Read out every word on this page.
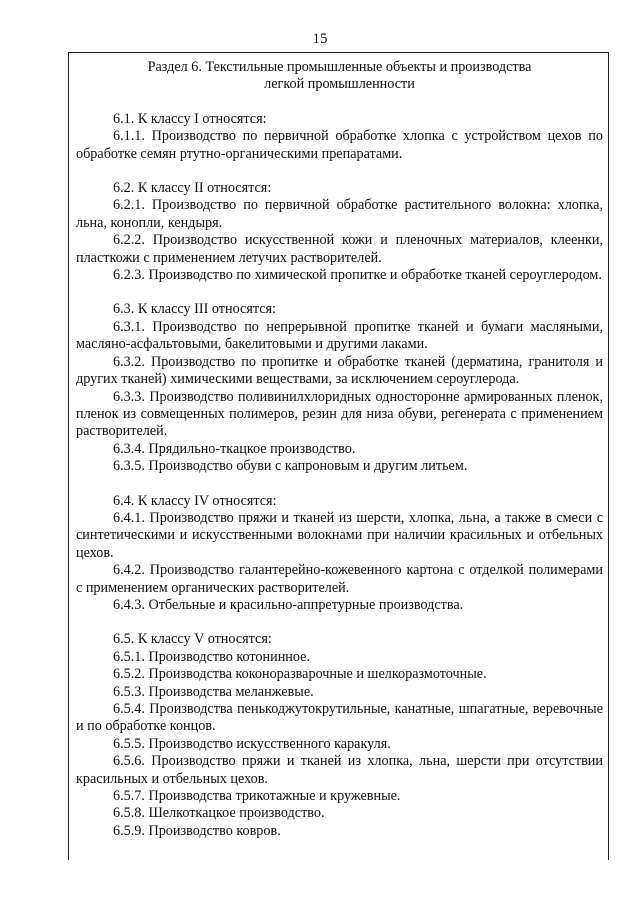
15
Раздел 6. Текстильные промышленные объекты и производства
легкой промышленности

6.1. К классу I относятся:

6.1.1. Производство по первичной обработке хлопка с устройством цехов по обработке семян ртутно-органическими препаратами.

6.2. К классу II относятся:

6.2.1. Производство по первичной обработке растительного волокна: хлопка, льна, конопли, кендыря.

6.2.2. Производство искусственной кожи и пленочных материалов, клеенки, пласткожи с применением летучих растворителей.

6.2.3. Производство по химической пропитке и обработке тканей сероуглеродом.

6.3. К классу III относятся:

6.3.1. Производство по непрерывной пропитке тканей и бумаги масляными, масляно-асфальтовыми, бакелитовыми и другими лаками.

6.3.2. Производство по пропитке и обработке тканей (дерматина, гранитоля и других тканей) химическими веществами, за исключением сероуглерода.

6.3.3. Производство поливинилхлоридных односторонне армированных пленок, пленок из совмещенных полимеров, резин для низа обуви, регенерата с применением растворителей.

6.3.4. Прядильно-ткацкое производство.

6.3.5. Производство обуви с капроновым и другим литьем.

6.4. К классу IV относятся:

6.4.1. Производство пряжи и тканей из шерсти, хлопка, льна, а также в смеси с синтетическими и искусственными волокнами при наличии красильных и отбельных цехов.

6.4.2. Производство галантерейно-кожевенного картона с отделкой полимерами с применением органических растворителей.

6.4.3. Отбельные и красильно-аппретурные производства.

6.5. К классу V относятся:

6.5.1. Производство котонинное.

6.5.2. Производства коконоразварочные и шелкоразмоточные.

6.5.3. Производства меланжевые.

6.5.4. Производства пенькоджутокрутильные, канатные, шпагатные, веревочные и по обработке концов.

6.5.5. Производство искусственного каракуля.

6.5.6. Производство пряжи и тканей из хлопка, льна, шерсти при отсутствии красильных и отбельных цехов.

6.5.7. Производства трикотажные и кружевные.

6.5.8. Шелкоткацкое производство.

6.5.9. Производство ковров.
